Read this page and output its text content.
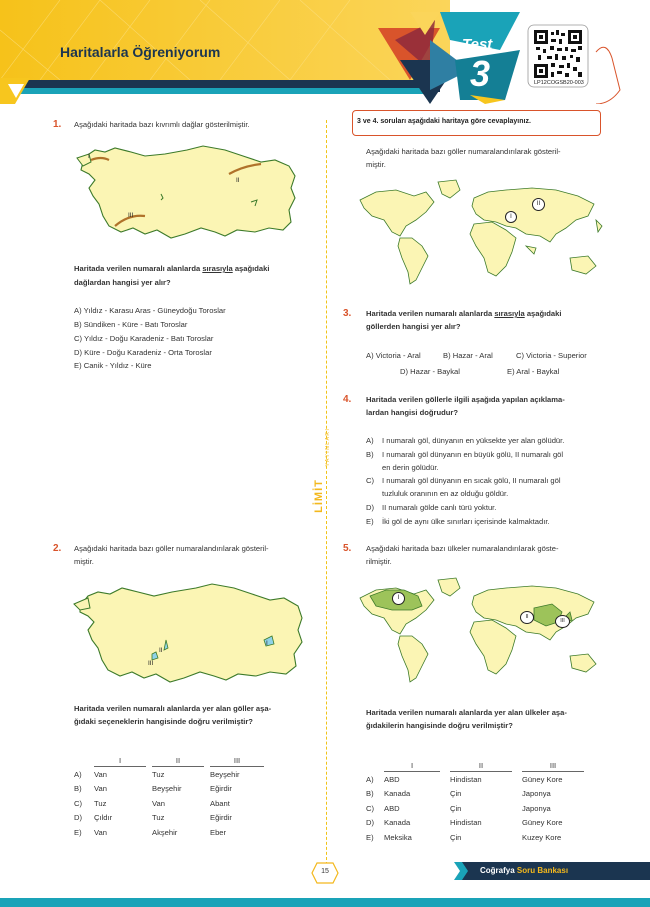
Haritalarla Öğreniyorum	Test
3	LP12COGSB20-003
LİMİT
YAYINLARI
1. Aşağıdaki haritada bazı kıvrımlı dağlar gösterilmiştir.
I
II
III
Haritada verilen numaralı alanlarda sırasıyla aşağıdaki
dağlardan hangisi yer alır?
A) Yıldız - Karasu Aras - Güneydoğu Toroslar
B) Sündiken - Küre - Batı Toroslar
C) Yıldız - Doğu Karadeniz - Batı Toroslar
D) Küre - Doğu Karadeniz - Orta Toroslar
E) Canik - Yıldız - Küre
2. Aşağıdaki haritada bazı göller numaralandırılarak gösteril-
miştir.
I
II
III
Haritada verilen numaralı alanlarda yer alan göller aşa-
ğıdaki seçeneklerin hangisinde doğru verilmiştir?
	I		II		III
A)	Van		Tuz		Beyşehir
B)	Van		Beyşehir		Eğirdir
C)	Tuz		Van		Abant
D)	Çıldır		Tuz		Eğirdir
E)	Van		Akşehir		Eber
3 ve 4. soruları aşağıdaki haritaya göre cevaplayınız.
Aşağıdaki haritada bazı göller numaralandırılarak gösteril-
miştir.
I
II
3. Haritada verilen numaralı alanlarda sırasıyla aşağıdaki
göllerden hangisi yer alır?
A) Victoria - Aral	B) Hazar - Aral	C) Victoria - Superior
D) Hazar - Baykal	E) Aral - Baykal
4. Haritada verilen göllerle ilgili aşağıda yapılan açıklama-
lardan hangisi doğrudur?
A) I numaralı göl, dünyanın en yüksekte yer alan gölüdür.
B) I numaralı göl dünyanın en büyük gölü, II numaralı göl
en derin gölüdür.
C) I numaralı göl dünyanın en sıcak gölü, II numaralı göl
tuzluluk oranının en az olduğu göldür.
D) II numaralı gölde canlı türü yoktur.
E) İki göl de aynı ülke sınırları içerisinde kalmaktadır.
5. Aşağıdaki haritada bazı ülkeler numaralandırılarak göste-
rilmiştir.
I
II
III
Haritada verilen numaralı alanlarda yer alan ülkeler aşa-
ğıdakilerin hangisinde doğru verilmiştir?
	I		II		III
A)	ABD		Hindistan		Güney Kore
B)	Kanada		Çin		Japonya
C)	ABD		Çin		Japonya
D)	Kanada		Hindistan		Güney Kore
E)	Meksika		Çin		Kuzey Kore
15	Coğrafya Soru Bankası
